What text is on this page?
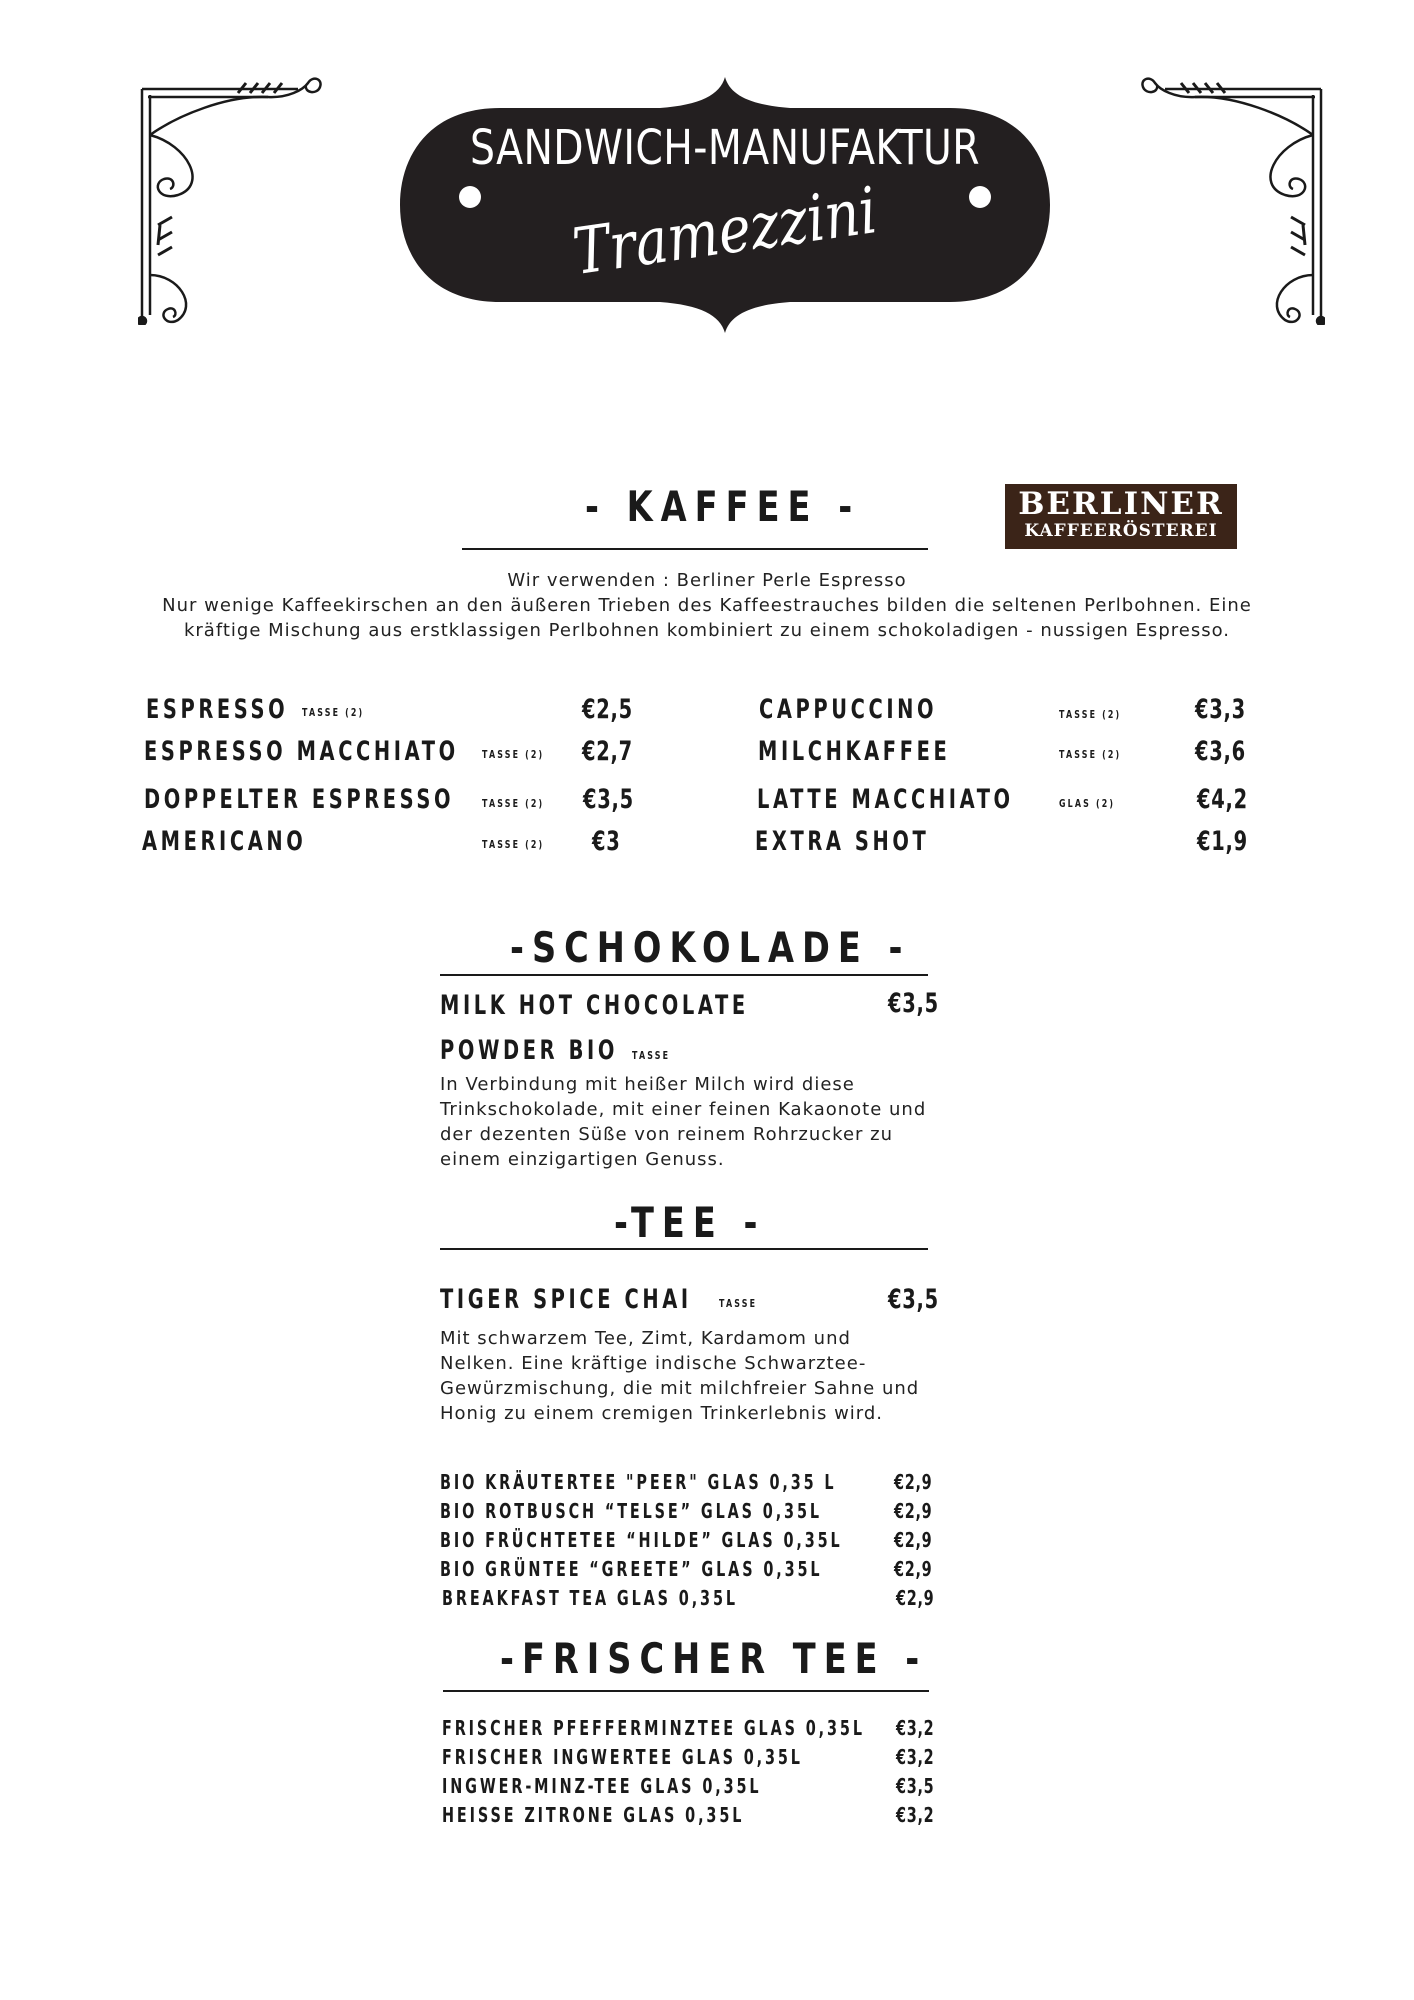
SANDWICH-MANUFAKTUR
Tramezzini
- KAFFEE -	BERLINER
KAFFEERÖSTEREI
Wir verwenden : Berliner Perle Espresso
Nur wenige Kaffeekirschen an den äußeren Trieben des Kaffeestrauches bilden die seltenen Perlbohnen. Eine kräftige Mischung aus erstklassigen Perlbohnen kombiniert zu einem schokoladigen - nussigen Espresso.
ESPRESSO TASSE (2)	€2,5
ESPRESSO MACCHIATO TASSE (2) €2,7
DOPPELTER ESPRESSO	TASSE (2) €3,5
AMERICANO	TASSE (2) €3
CAPPUCCINO	TASSE (2)	€3,3
MILCHKAFFEE	TASSE (2)	€3,6
LATTE MACCHIATO	GLAS (2)	€4,2
EXTRA SHOT	€1,9
-SCHOKOLADE -
MILK HOT CHOCOLATE	€3,5
POWDER BIO TASSE
In Verbindung mit heißer Milch wird diese Trinkschokolade, mit einer feinen Kakaonote und der dezenten Süße von reinem Rohrzucker zu einem einzigartigen Genuss.
-TEE -
TIGER SPICE CHAI TASSE	€3,5
Mit schwarzem Tee, Zimt, Kardamom und Nelken. Eine kräftige indische Schwarztee-Gewürzmischung, die mit milchfreier Sahne und Honig zu einem cremigen Trinkerlebnis wird.
BIO KRÄUTERTEE "PEER" GLAS 0,35 L	€2,9
BIO ROTBUSCH “TELSE” GLAS 0,35L	€2,9
BIO FRÜCHTETEE “HILDE” GLAS 0,35L	€2,9
BIO GRÜNTEE “GREETE” GLAS 0,35L	€2,9
BREAKFAST TEA GLAS 0,35L	€2,9
-FRISCHER TEE -
FRISCHER PFEFFERMINZTEE GLAS 0,35L €3,2
FRISCHER INGWERTEE GLAS 0,35L	€3,2
INGWER-MINZ-TEE GLAS 0,35L	€3,5
HEISSE ZITRONE GLAS 0,35L	€3,2
